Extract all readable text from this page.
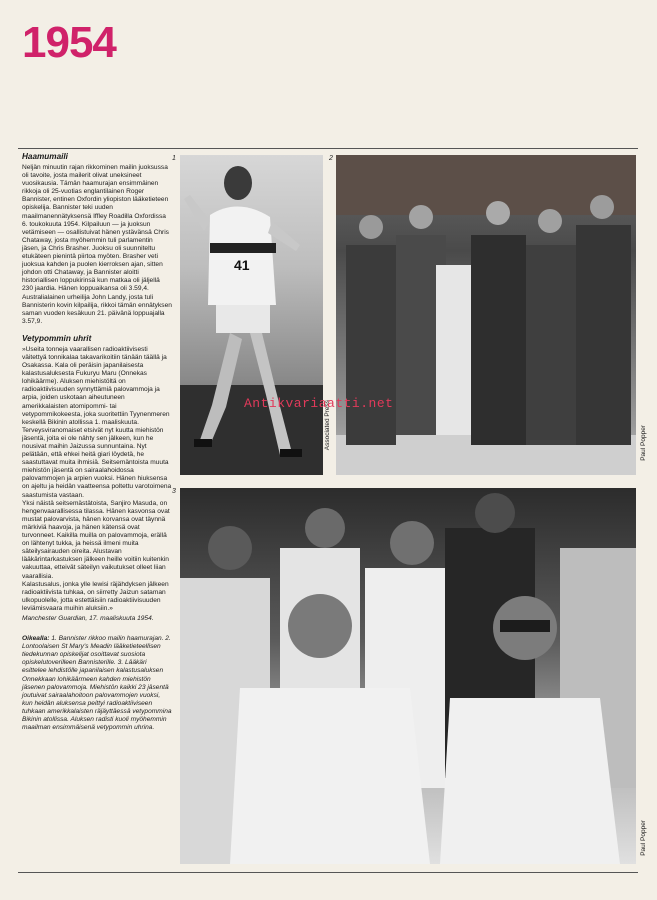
1954
Haamumaili

Neljän minuutin rajan rikkominen mailin juoksussa oli tavoite, josta mailerit olivat uneksineet vuosikausia. Tämän haamurajan ensimmäinen rikkoja oli 25-vuotias englantilainen Roger Bannister, entinen Oxfordin yliopiston lääketieteen opiskelija. Bannister teki uuden maailmanennätyksensä Iffley Roadilla Oxfordissa 6. toukokuuta 1954. Kilpailuun — ja juoksun vetämiseen — osallistuivat hänen ystävänsä Chris Chataway, josta myöhemmin tuli parlamentin jäsen, ja Chris Brasher. Juoksu oli suunniteltu etukäteen pienintä piirtoa myöten. Brasher veti juoksua kahden ja puolen kierroksen ajan, sitten johdon otti Chataway, ja Bannister aloitti historiallisen loppukirinsä kun matkaa oli jäljellä 230 jaardia. Hänen loppuaikansa oli 3.59,4. Australialainen urheilija John Landy, josta tuli Bannisterin kovin kilpailija, rikkoi tämän ennätyksen saman vuoden kesäkuun 21. päivänä loppuajalla 3.57,9.

Vetypommin uhrit

»Useita tonneja vaarallisen radioaktiivisesti väitettyä tonnikalaa takavarikoitiin tänään täällä ja Osakassa. Kala oli peräisin japanilaisesta kalastusaluksesta Fukuryu Maru (Onnekas lohikäärme). Aluksen miehistöltä on radioaktiivisuuden synnyttämiä palovammoja ja arpia, joiden uskotaan aiheutuneen amerikkalaisten atomipommi- tai vetypommikokeesta, joka suoritettiin Tyynenmeren keskellä Bikinin atollissa 1. maaliskuuta.

Terveysviranomaiset etsivät nyt kuutta miehistön jäsentä, joita ei ole nähty sen jälkeen, kun he nousivat maihin Jaizussa sunnuntaina. Nyt pelätään, että ehkei heitä giari löydetä, he saastuttavat muita ihmisiä. Seitsemäntoista muuta miehistön jäsentä on sairaalahoidossa palovammojen ja arpien vuoksi. Hänen hiuksensa on ajeltu ja heidän vaatteensa poltettu varotoimena saastumista vastaan.

Yksi näistä seitsemästätoista, Sanjiro Masuda, on hengenvaarallisessa tilassa. Hänen kasvonsa ovat mustat palovarvista, hänen korvansa ovat täynnä märkiviä haavoja, ja hänen kätensä ovat turvonneet. Kaikilla muilla on palovammoja, erällä on lähtenyt tukka, ja heissä ilmeni muita säteilysairauden oireita. Alustavan lääkärintarkastuksen jälkeen heille voitiin kuitenkin vakuuttaa, etteivät säteilyn vaikutukset olleet liian vaarallisia.

Kalastusalus, jonka ylle lewisi räjähdyksen jälkeen radioaktiivista tuhkaa, on siirretty Jaizun sataman ulkopuolelle, jotta estettäisiin radioaktiivisuuden leviämisvaara muihin aluksiin.»

Manchester Guardian, 17. maaliskuuta 1954.

Oikealla: 1. Bannister rikkoo mailin haamurajan. 2. Lontoolaisen St Mary's Meadin lääketieteellisen tiedekunnan opiskelijat osoittavat suosiota opiskelutoverilleen Bannisterille. 3. Lääkäri esittelee lehdistölle japanilaisen kalastusaluksen Onnekkaan lohikäärmeen kahden miehistön jäsenen palovammoja. Miehistön kaikki 23 jäsentä joutuivat sairaalahoitoon palovammojen vuoksi, kun heidän aluksensa peittyi radioaktiiviseen tuhkaan amerikkalaisten räjäyttäessä vetypommina Bikinin atollissa. Aluksen radisti kuoli myöhemmin maailman ensimmäisenä vetypommin uhrina.

1
41
2
Associated Press	Paul Popper
Antikvariaatti.net
3
Paul Popper
